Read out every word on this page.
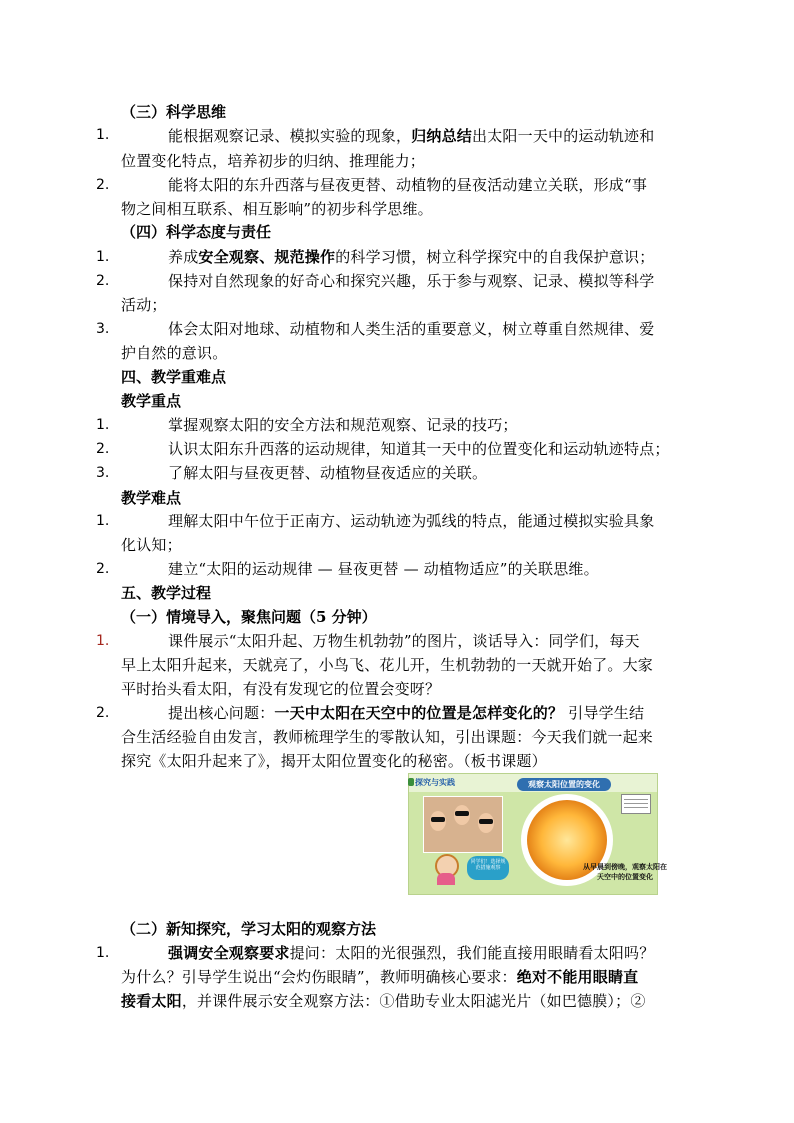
（三）科学思维
1.	能根据观察记录、模拟实验的现象，归纳总结出太阳一天中的运动轨迹和
位置变化特点，培养初步的归纳、推理能力；
2.	能将太阳的东升西落与昼夜更替、动植物的昼夜活动建立关联，形成“事
物之间相互联系、相互影响”的初步科学思维。
（四）科学态度与责任
1.	养成安全观察、规范操作的科学习惯，树立科学探究中的自我保护意识；
2.	保持对自然现象的好奇心和探究兴趣，乐于参与观察、记录、模拟等科学
活动；
3.	体会太阳对地球、动植物和人类生活的重要意义，树立尊重自然规律、爱
护自然的意识。
四、教学重难点
教学重点
1.	掌握观察太阳的安全方法和规范观察、记录的技巧；
2.	认识太阳东升西落的运动规律，知道其一天中的位置变化和运动轨迹特点；
3.	了解太阳与昼夜更替、动植物昼夜适应的关联。
教学难点
1.	理解太阳中午位于正南方、运动轨迹为弧线的特点，能通过模拟实验具象
化认知；
2.	建立“太阳的运动规律 — 昼夜更替 — 动植物适应”的关联思维。
五、教学过程
（一）情境导入，聚焦问题（5 分钟）
1.	课件展示“太阳升起、万物生机勃勃”的图片，谈话导入：同学们，每天
早上太阳升起来，天就亮了，小鸟飞、花儿开，生机勃勃的一天就开始了。大家
平时抬头看太阳，有没有发现它的位置会变呀？
2.	提出核心问题：一天中太阳在天空中的位置是怎样变化的？ 引导学生结
合生活经验自由发言，教师梳理学生的零散认知，引出课题：今天我们就一起来
探究《太阳升起来了》，揭开太阳位置变化的秘密。（板书课题）
探究与实践	观察太阳位置的变化
同学们！选择规范措施观察	从早晨到傍晚，观察太阳在
天空中的位置变化
（二）新知探究，学习太阳的观察方法
1.	强调安全观察要求提问：太阳的光很强烈，我们能直接用眼睛看太阳吗？
为什么？引导学生说出“会灼伤眼睛”，教师明确核心要求：绝对不能用眼睛直
接看太阳，并课件展示安全观察方法：①借助专业太阳滤光片（如巴德膜）；②
